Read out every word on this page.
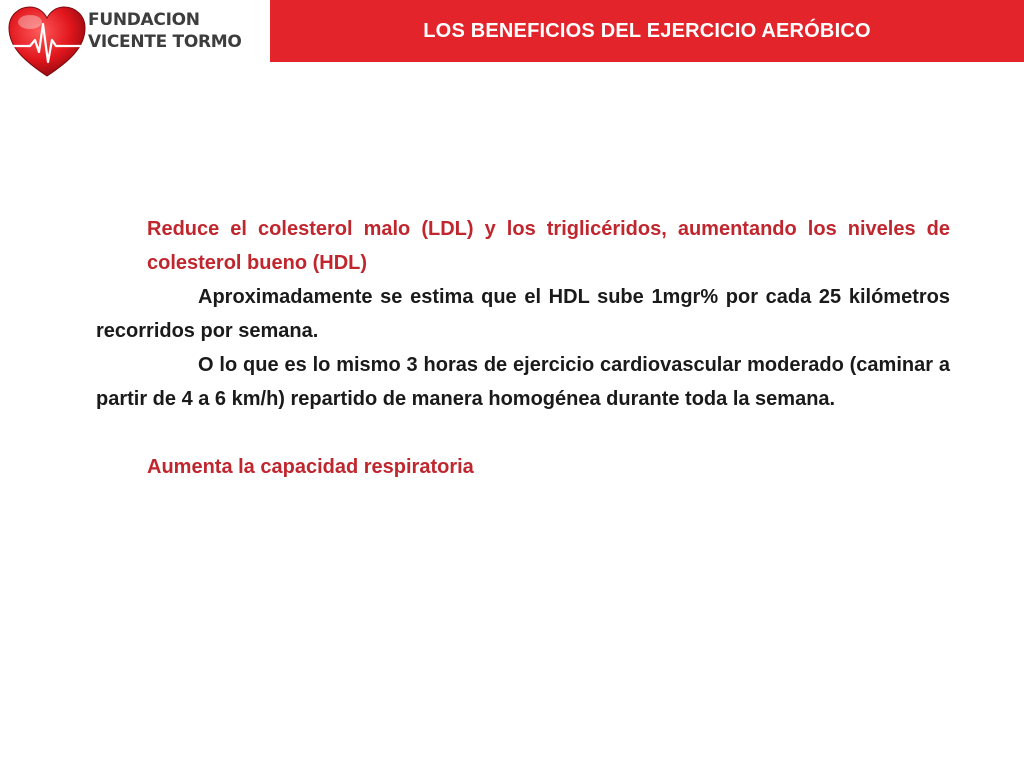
FUNDACION
VICENTE TORMO
LOS BENEFICIOS DEL EJERCICIO AERÓBICO

Reduce el colesterol malo (LDL) y los triglicéridos, aumentando los niveles de colesterol bueno (HDL)

Aproximadamente se estima que el HDL sube 1mgr% por cada 25 kilómetros recorridos por semana.

O lo que es lo mismo 3 horas de ejercicio cardiovascular moderado (caminar a partir de 4 a 6 km/h) repartido de manera homogénea durante toda la semana.

Aumenta la capacidad respiratoria
